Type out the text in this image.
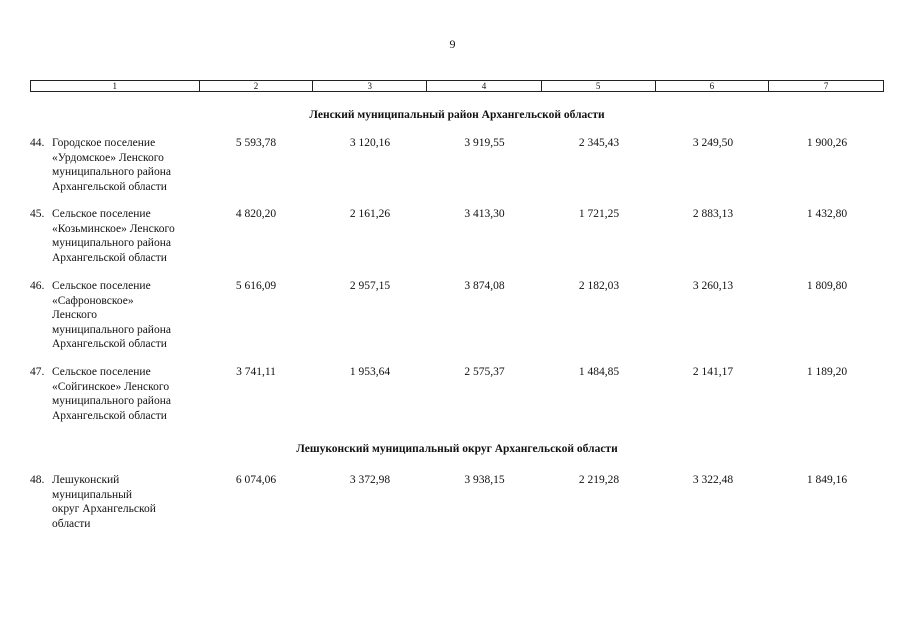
9
1	2	3	4	5	6	7
Ленский муниципальный район Архангельской области
44. Городское поселение
«Урдомское» Ленского
муниципального района
Архангельской области
5 593,78	3 120,16	3 919,55	2 345,43	3 249,50	1 900,26
45. Сельское поселение
«Козьминское» Ленского
муниципального района
Архангельской области
4 820,20	2 161,26	3 413,30	1 721,25	2 883,13	1 432,80
46. Сельское поселение
«Сафроновское»
Ленского
муниципального района
Архангельской области
5 616,09	2 957,15	3 874,08	2 182,03	3 260,13	1 809,80
47. Сельское поселение
«Сойгинское» Ленского
муниципального района
Архангельской области
3 741,11	1 953,64	2 575,37	1 484,85	2 141,17	1 189,20
Лешуконский муниципальный округ Архангельской области
48. Лешуконский
муниципальный
округ Архангельской
области
6 074,06	3 372,98	3 938,15	2 219,28	3 322,48	1 849,16
